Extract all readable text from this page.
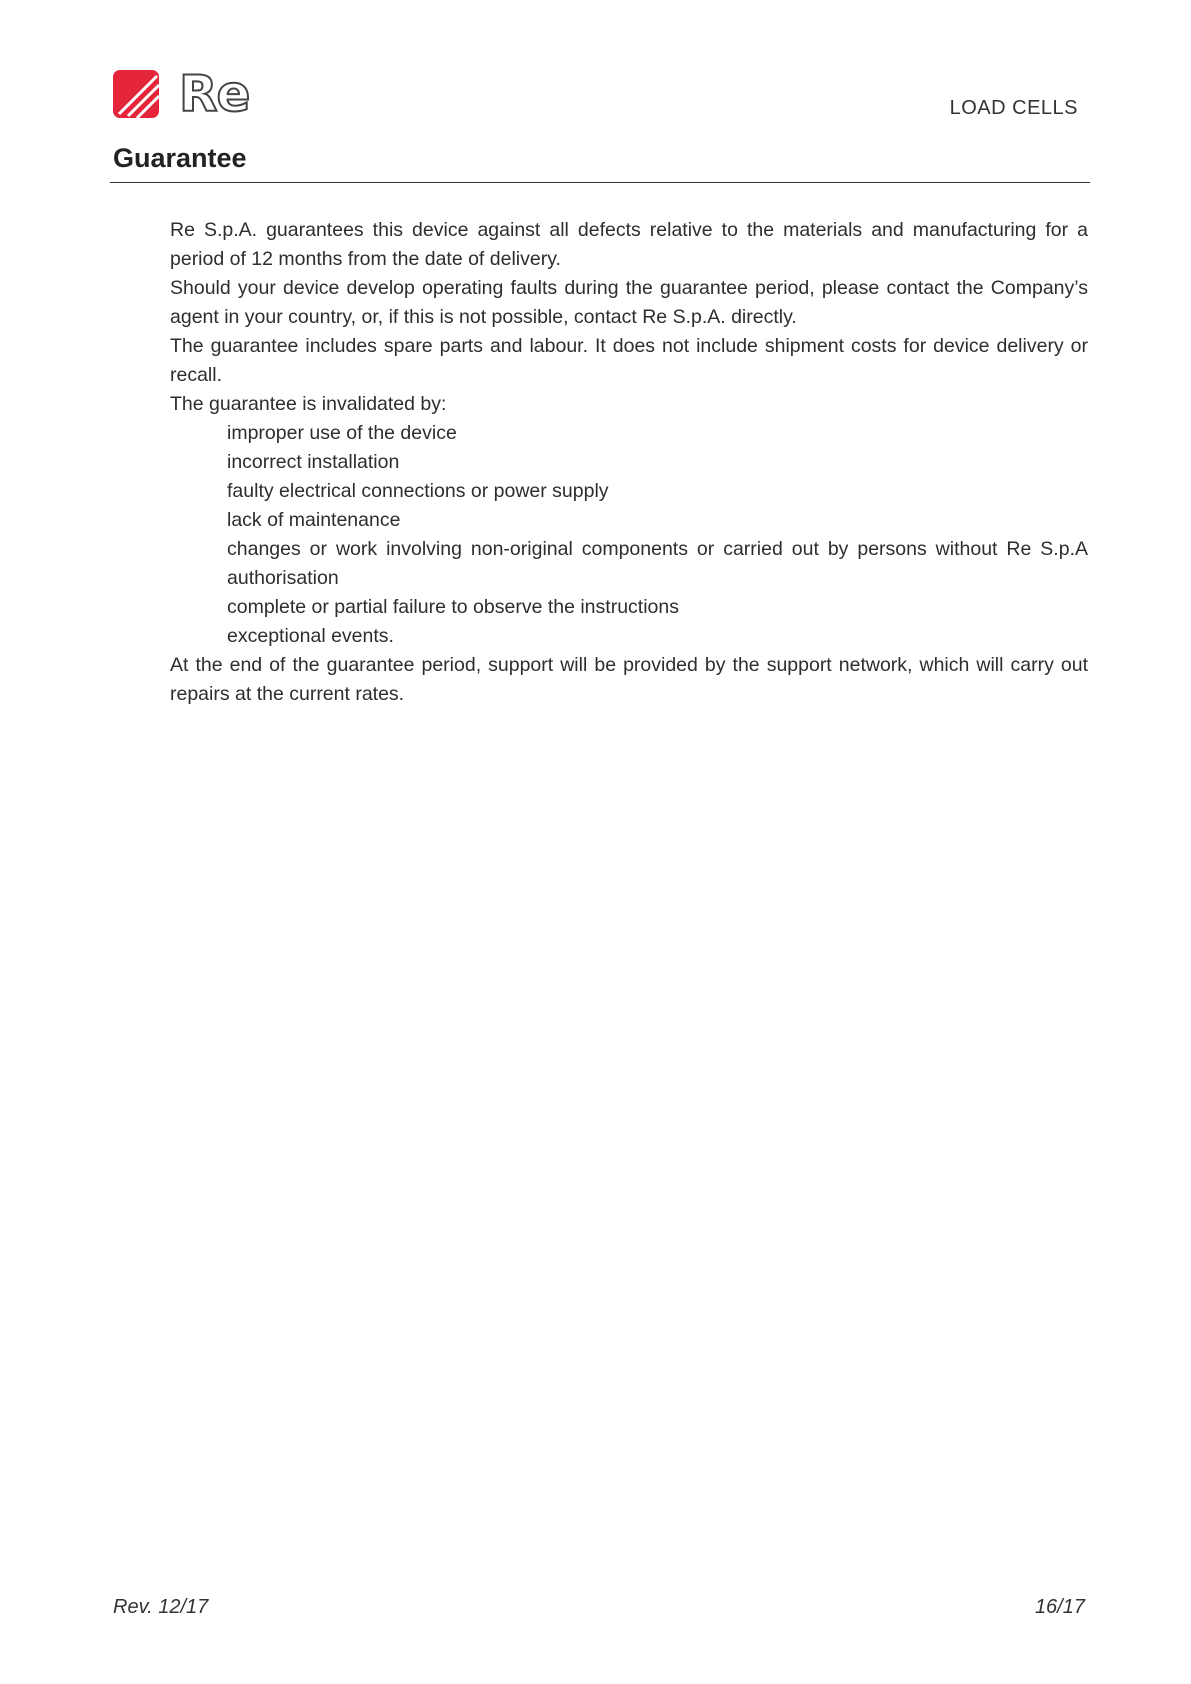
Re	LOAD CELLS
Guarantee

Re S.p.A. guarantees this device against all defects relative to the materials and manufacturing for a period of 12 months from the date of delivery.

Should your device develop operating faults during the guarantee period, please contact the Company’s agent in your country, or, if this is not possible, contact Re S.p.A. directly.

The guarantee includes spare parts and labour. It does not include shipment costs for device delivery or recall.

The guarantee is invalidated by:

improper use of the device
incorrect installation
faulty electrical connections or power supply
lack of maintenance
changes or work involving non-original components or carried out by persons without Re S.p.A authorisation
complete or partial failure to observe the instructions
exceptional events.

At the end of the guarantee period, support will be provided by the support network, which will carry out repairs at the current rates.

Rev. 12/17	16/17
